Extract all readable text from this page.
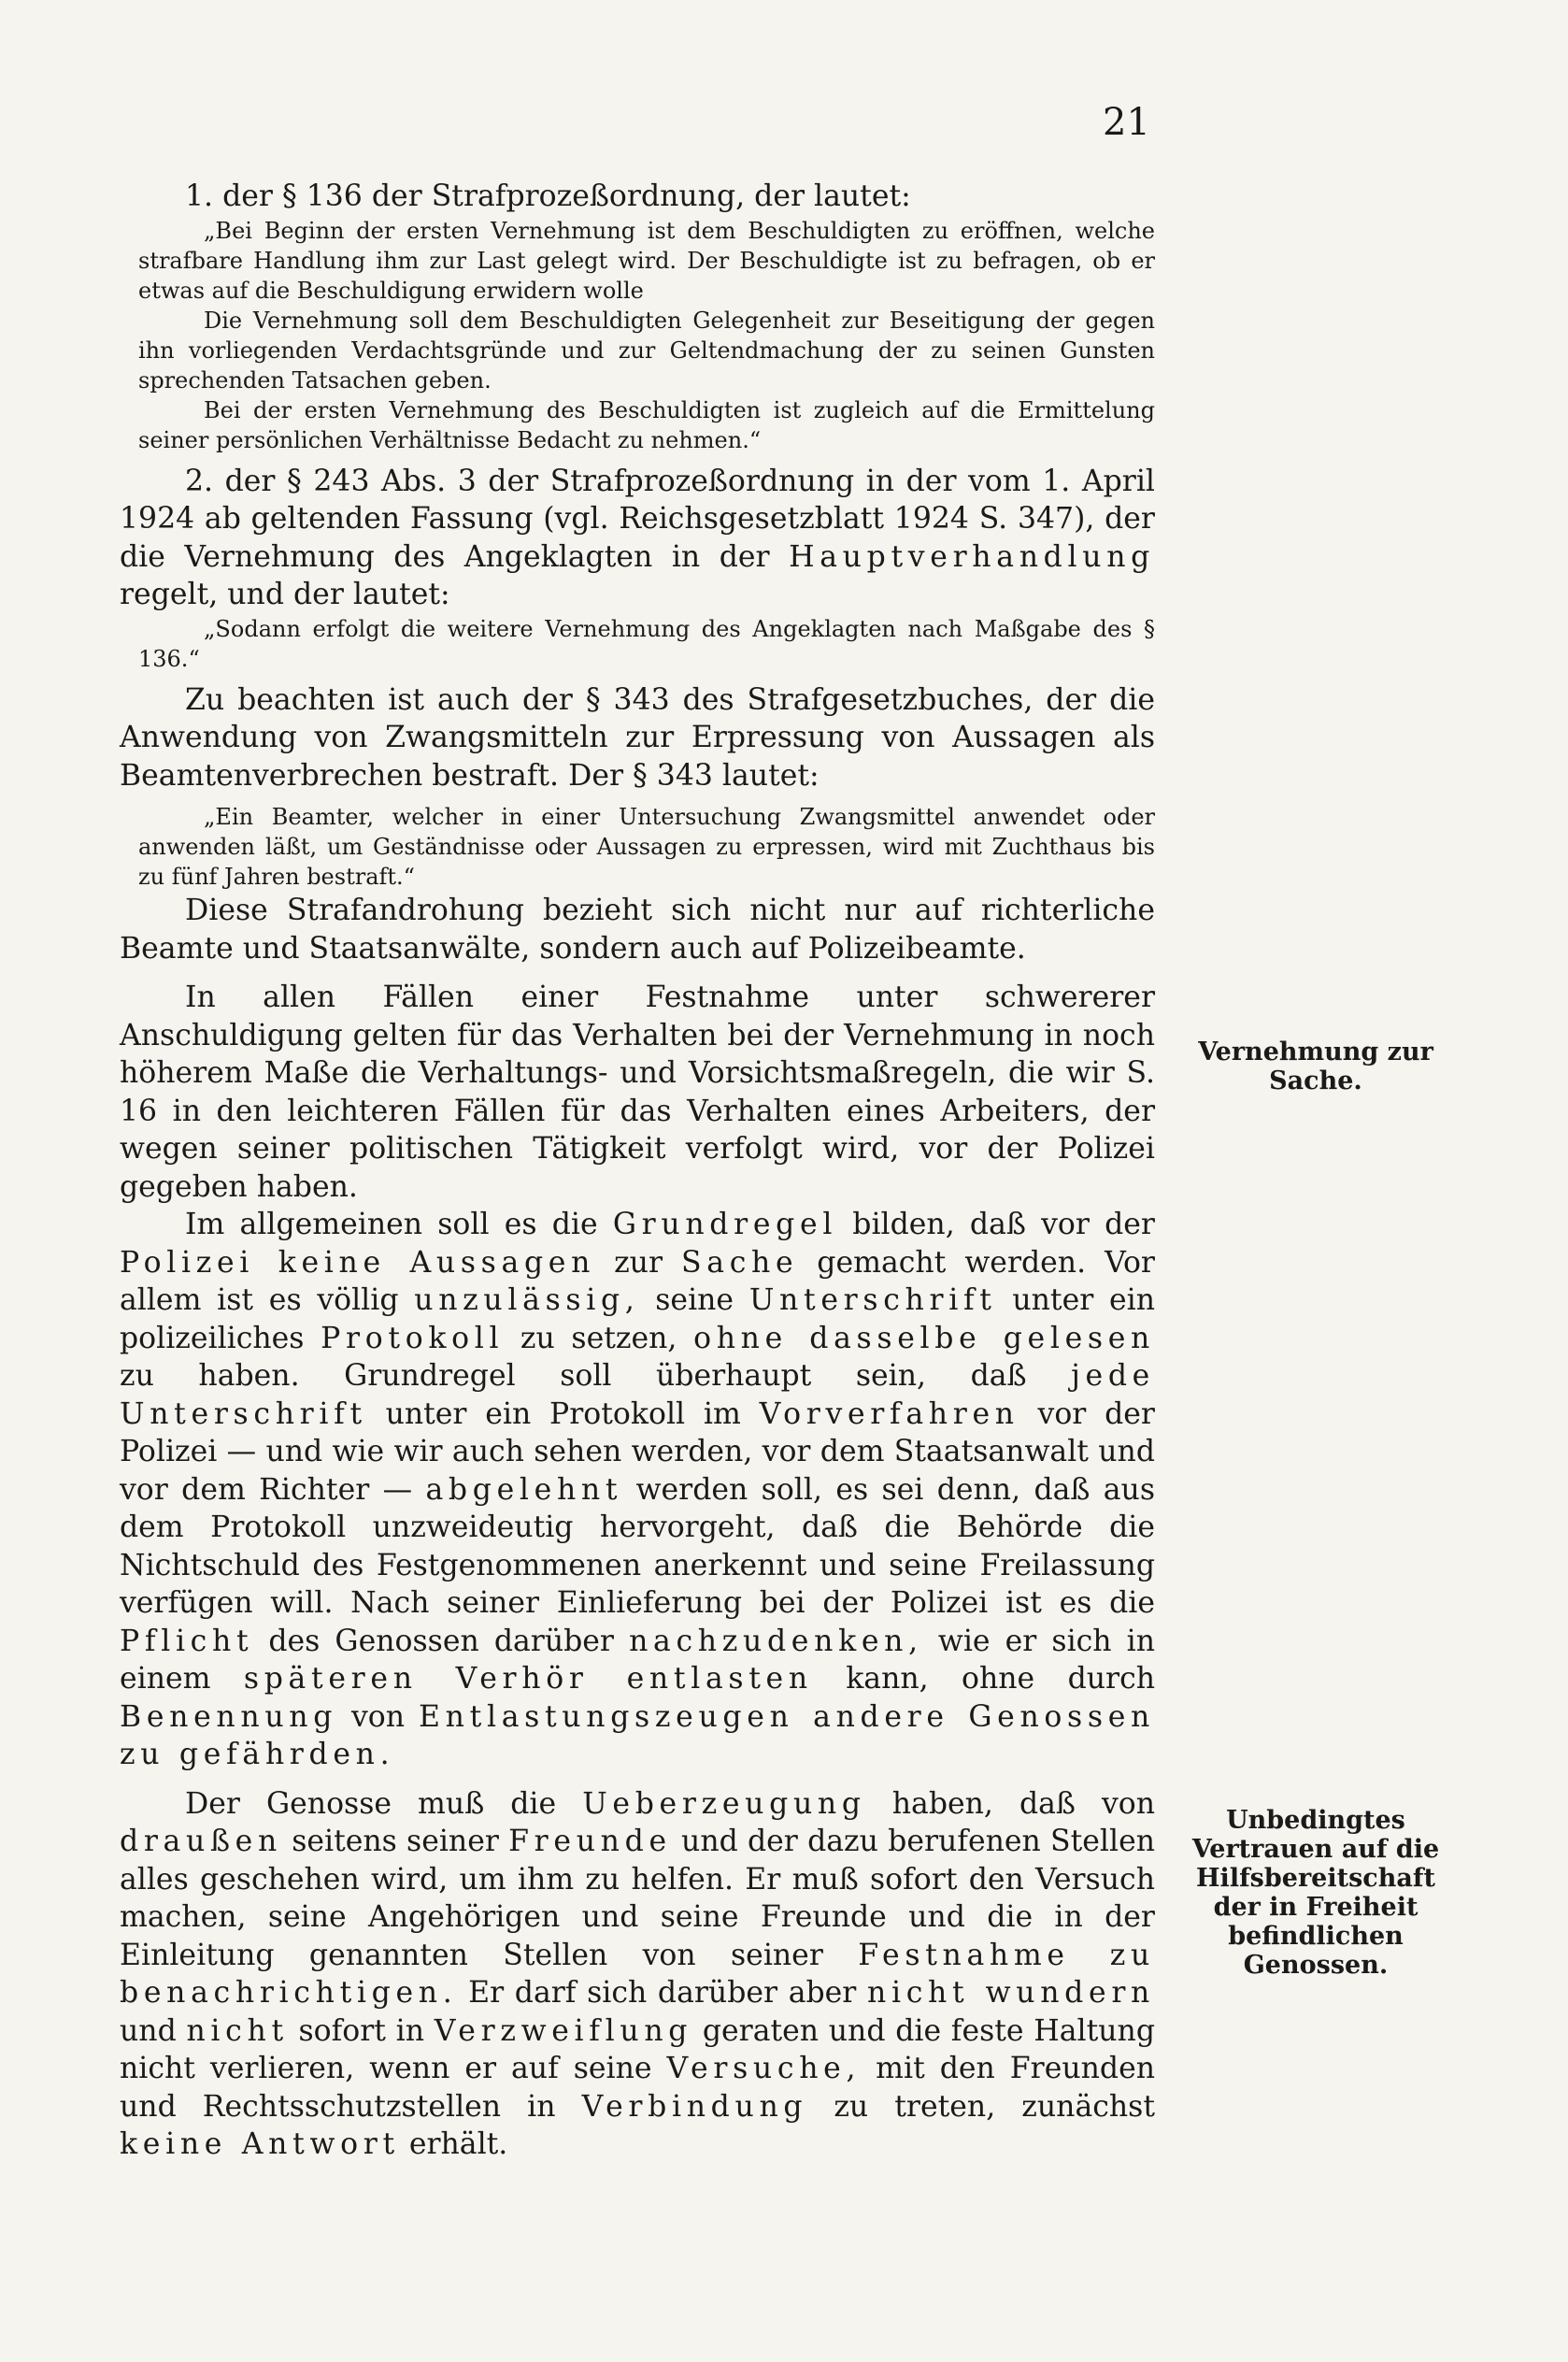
21

1. der § 136 der Strafprozeßordnung, der lautet:

„Bei Beginn der ersten Vernehmung ist dem Beschuldigten zu eröffnen, welche strafbare Handlung ihm zur Last gelegt wird. Der Beschuldigte ist zu befragen, ob er etwas auf die Beschuldigung erwidern wolle

Die Vernehmung soll dem Beschuldigten Gelegenheit zur Beseitigung der gegen ihn vorliegenden Verdachtsgründe und zur Geltendmachung der zu seinen Gunsten sprechenden Tatsachen geben.

Bei der ersten Vernehmung des Beschuldigten ist zugleich auf die Ermittelung seiner persönlichen Verhältnisse Bedacht zu nehmen.“

2. der § 243 Abs. 3 der Strafprozeßordnung in der vom 1. April 1924 ab geltenden Fassung (vgl. Reichsgesetzblatt 1924 S. 347), der die Vernehmung des Angeklagten in der Hauptverhandlung regelt, und der lautet:

„Sodann erfolgt die weitere Vernehmung des Angeklagten nach Maßgabe des § 136.“

Zu beachten ist auch der § 343 des Strafgesetzbuches, der die Anwendung von Zwangsmitteln zur Erpressung von Aussagen als Beamtenverbrechen bestraft. Der § 343 lautet:

„Ein Beamter, welcher in einer Untersuchung Zwangsmittel anwendet oder anwenden läßt, um Geständnisse oder Aussagen zu erpressen, wird mit Zuchthaus bis zu fünf Jahren bestraft.“

Diese Strafandrohung bezieht sich nicht nur auf richterliche Beamte und Staatsanwälte, sondern auch auf Polizeibeamte.

In allen Fällen einer Festnahme unter schwererer Anschuldigung gelten für das Verhalten bei der Vernehmung in noch höherem Maße die Verhaltungs- und Vorsichtsmaßregeln, die wir S. 16 in den leichteren Fällen für das Verhalten eines Arbeiters, der wegen seiner politischen Tätigkeit verfolgt wird, vor der Polizei gegeben haben.

Im allgemeinen soll es die Grundregel bilden, daß vor der Polizei keine Aussagen zur Sache gemacht werden. Vor allem ist es völlig unzulässig, seine Unterschrift unter ein polizeiliches Protokoll zu setzen, ohne dasselbe gelesen zu haben. Grundregel soll überhaupt sein, daß jede Unterschrift unter ein Protokoll im Vorverfahren vor der Polizei — und wie wir auch sehen werden, vor dem Staatsanwalt und vor dem Richter — abgelehnt werden soll, es sei denn, daß aus dem Protokoll unzweideutig hervorgeht, daß die Behörde die Nichtschuld des Festgenommenen anerkennt und seine Freilassung verfügen will. Nach seiner Einlieferung bei der Polizei ist es die Pflicht des Genossen darüber nachzudenken, wie er sich in einem späteren Verhör entlasten kann, ohne durch Benennung von Entlastungszeugen andere Genossen zu gefährden.

Der Genosse muß die Ueberzeugung haben, daß von draußen seitens seiner Freunde und der dazu berufenen Stellen alles geschehen wird, um ihm zu helfen. Er muß sofort den Versuch machen, seine Angehörigen und seine Freunde und die in der Einleitung genannten Stellen von seiner Festnahme zu benachrichtigen. Er darf sich darüber aber nicht wundern und nicht sofort in Verzweiflung geraten und die feste Haltung nicht verlieren, wenn er auf seine Versuche, mit den Freunden und Rechtsschutzstellen in Verbindung zu treten, zunächst keine Antwort erhält.

Vernehmung zur Sache.
Unbedingtes Vertrauen auf die Hilfsbereitschaft der in Freiheit befindlichen Genossen.
